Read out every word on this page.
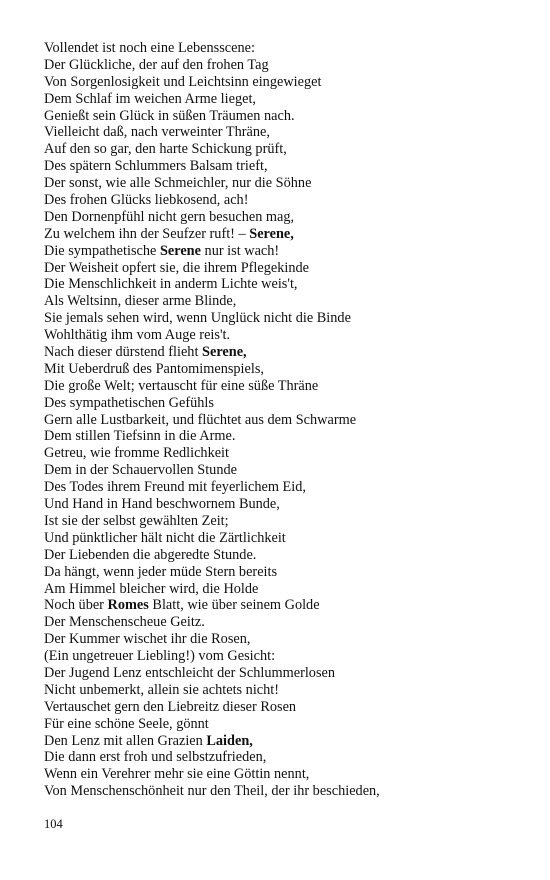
Vollendet ist noch eine Lebensscene:
Der Glückliche, der auf den frohen Tag
Von Sorgenlosigkeit und Leichtsinn eingewieget
Dem Schlaf im weichen Arme lieget,
Genießt sein Glück in süßen Träumen nach.
Vielleicht daß, nach verweinter Thräne,
Auf den so gar, den harte Schickung prüft,
Des spätern Schlummers Balsam trieft,
Der sonst, wie alle Schmeichler, nur die Söhne
Des frohen Glücks liebkosend, ach!
Den Dornenpfühl nicht gern besuchen mag,
Zu welchem ihn der Seufzer ruft! – Serene,
Die sympathetische Serene nur ist wach!
Der Weisheit opfert sie, die ihrem Pflegekinde
Die Menschlichkeit in anderm Lichte weis't,
Als Weltsinn, dieser arme Blinde,
Sie jemals sehen wird, wenn Unglück nicht die Binde
Wohlthätig ihm vom Auge reis't.
Nach dieser dürstend flieht Serene,
Mit Ueberdruß des Pantomimenspiels,
Die große Welt; vertauscht für eine süße Thräne
Des sympathetischen Gefühls
Gern alle Lustbarkeit, und flüchtet aus dem Schwarme
Dem stillen Tiefsinn in die Arme.
Getreu, wie fromme Redlichkeit
Dem in der Schauervollen Stunde
Des Todes ihrem Freund mit feyerlichem Eid,
Und Hand in Hand beschwornem Bunde,
Ist sie der selbst gewählten Zeit;
Und pünktlicher hält nicht die Zärtlichkeit
Der Liebenden die abgeredte Stunde.
Da hängt, wenn jeder müde Stern bereits
Am Himmel bleicher wird, die Holde
Noch über Romes Blatt, wie über seinem Golde
Der Menschenscheue Geitz.
Der Kummer wischet ihr die Rosen,
(Ein ungetreuer Liebling!) vom Gesicht:
Der Jugend Lenz entschleicht der Schlummerlosen
Nicht unbemerkt, allein sie achtets nicht!
Vertauschet gern den Liebreitz dieser Rosen
Für eine schöne Seele, gönnt
Den Lenz mit allen Grazien Laiden,
Die dann erst froh und selbstzufrieden,
Wenn ein Verehrer mehr sie eine Göttin nennt,
Von Menschenschönheit nur den Theil, der ihr beschieden,
104
